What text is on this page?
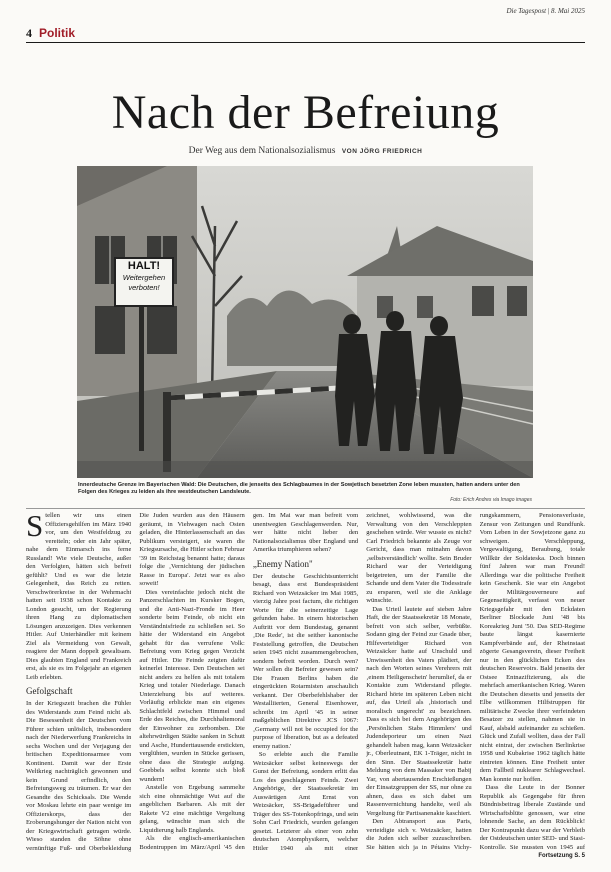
Die Tagespost | 8. Mai 2025
4 Politik
Nach der Befreiung
Der Weg aus dem Nationalsozialismus VON JÖRG FRIEDRICH
HALT!
Weitergehen
verboten!
Innerdeutsche Grenze im Bayerischen Wald: Die Deutschen, die jenseits des Schlagbaumes in der Sowjetisch besetzten Zone leben mussten, hatten anders unter den Folgen des Krieges zu leiden als ihre westdeutschen Landsleute.
Foto: Erich Andres via Imago images

Stellen wir uns einen Offiziersgehilfen im März 1940 vor, um den Westfeldzug zu vereiteln; oder ein Jahr später, nahe dem Einmarsch ins ferne Russland! Wie viele Deutsche, außer den Verfolgten, hätten sich befreit gefühlt? Und es war die letzte Gelegenheit, das Reich zu retten. Verschwörerkreise in der Wehrmacht hatten seit 1938 schon Kontakte zu London gesucht, um der Regierung ihren Hang zu diplomatischen Lösungen anzuzeigen. Dies verkennen Hitler. Auf Unterhändler mit keinem Ziel als Vermeidung von Gewalt, reagiere der Mann doppelt gewaltsam. Dies glaubten England und Frankreich erst, als sie es im Folgejahr an eigenen Leib erlebten.

Gefolgschaft

In der Kriegszeit brachen die Fühler des Widerstands zum Feind nicht ab. Die Besessenheit der Deutschen vom Führer schien unlöslich, insbesondere nach der Niederwerfung Frankreichs in sechs Wochen und der Verjagung der britischen Expeditionsarmee vom Kontinent. Damit war der Erste Weltkrieg nachträglich gewonnen und kein Grund erfindlich, den Befreiungsweg zu träumen. Er war der Gesandte des Schicksals. Die Wende vor Moskau lehrte ein paar wenige im Offizierskorps, dass der Eroberungshunger der Nation nicht von der Kriegswirtschaft getragen würde. Wieso standen die Söhne ohne vernünftige Fuß- und Oberbekleidung

Die Juden wurden aus den Häusern geräumt, in Viehwagen nach Osten geladen, die Hinterlassenschaft an das Publikum versteigert, sie waren die Kriegsursache, die Hitler schon Februar '39 im Reichstag benannt hatte; daraus folge die ‚Vernichtung der jüdischen Rasse in Europa'. Jetzt war es also soweit!

Dies vereinfachte jedoch nicht die Panzerschlachten im Kursker Bogen, und die Anti-Nazi-Fronde im Heer sonderte beim Feinde, ob nicht ein Verständnisfriede zu schließen sei. So hätte der Widerstand ein Angebot gehabt für das verrufene Volk: Befreiung vom Krieg gegen Verzicht auf Hitler. Die Feinde zeigten dafür keinerlei Interesse. Den Deutschen sei nicht anders zu helfen als mit totalem Krieg und totaler Niederlage. Danach Unterziehung bis auf weiteres. Vorläufig erblickte man ein eigenes Schlachtfeld zwischen Himmel und Erde des Reiches, die Durchhaltemoral der Einwohner zu zerbomben. Die altehrwürdigen Städte sanken in Schutt und Asche, Hunderttausende erstickten, verglühten, wurden in Stücke gerissen, ohne dass die Strategie aufging. Goebbels selbst konnte sich bloß wundern!

Anstelle von Ergebung sammelte sich eine ohnmächtige Wut auf die angeblichen Barbaren. Als mit der Rakete V2 eine mächtige Vergeltung gelang, wünschte man sich die Liquidierung halb Englands.

Als die englisch-amerikanischen Bodentruppen im März/April '45 den

gen. Im Mai war man befreit vom unentwegten Geschlagenwerden. Nur, wer hätte nicht lieber den Nationalsozialismus über England und Amerika triumphieren sehen?

„Enemy Nation"

Der deutsche Geschichtsunterricht besagt, dass erst Bundespräsident Richard von Weizsäcker im Mai 1985, vierzig Jahre post factum, die richtigen Worte für die seinerzeitige Lage gefunden habe. In einem historischen Auftritt vor dem Bundestag, genannt ‚Die Rede', ist die seither kanonische Feststellung getroffen, die Deutschen seien 1945 nicht zusammengebrochen, sondern befreit worden. Durch wen? Wer sollen die Befreier gewesen sein? Die Frauen Berlins haben die eingerückten Rotarmisten anschaulich verkannt. Der Oberbefehlshaber der Westalliierten, General Eisenhower, schreibt im April '45 in seiner maßgeblichen Direktive JCS 1067: ‚Germany will not be occupied for the purpose of liberation, but as a defeated enemy nation.'

So erlebte auch die Familie Weizsäcker selbst keineswegs der Gunst der Befreiung, sondern erlitt das Los des geschlagenen Feinds. Zwei Angehörige, der Staatssekretär im Auswärtigen Amt Ernst von Weizsäcker, SS-Brigadeführer und Träger des SS-Totenkopfrings, und sein Sohn Carl Friedrich, wurden gefangen gesetzt. Letzterer als einer von zehn deutschen Atomphysikern, welcher Hitler 1940 als mit einer

zeichnet, wohlwissend, was die Verwaltung von den Verschleppten geschehen würde. Wer wusste es nicht? Carl Friedrich bekannte als Zeuge vor Gericht, dass man mitnahm davon ‚selbstverständlich' wollte. Sein Bruder Richard war der Verteidigung beigetreten, um der Familie die Schande und dem Vater die Todesstrafe zu ersparen, weil sie die Anklage wünschte.

Das Urteil lautete auf sieben Jahre Haft, die der Staatssekretär 18 Monate, befreit von sich selber, verbüßte. Sodann ging der Feind zur Gnade über, Hilfeverteidiger Richard von Weizsäcker hatte auf Unschuld und Unwissenheit des Vaters plädiert, der nach den Worten seines Verehrers mit ‚einem Heiligenschein' herumlief, da er Kontakte zum Widerstand pflegte. Richard hörte im späteren Leben nicht auf, das Urteil als ‚historisch und moralisch ungerecht' zu bezeichnen. Dass es sich bei dem Angehörigen des ‚Persönlichen Stabs Himmlers' und Judendeporteur um einen Nazi gehandelt haben mag, kann Weizsäcker jr., Oberleutnant, EK 1-Träger, nicht in den Sinn. Der Staatssekretär hatte Meldung von dem Massaker von Babij Yar, von abertausenden Erschießungen der Einsatzgruppen der SS, nur ohne zu ahnen, dass es sich dabei um Rassenvernichtung handelte, weil als Vergeltung für Partisanenakte kaschiert.

Den Abtransport aus Paris, verteidigte sich v. Weizsäcker, hatten die Juden sich selber zuzuschreiben. Sie hätten sich ja in Pétains Vichy-

rungskammern, Pensionsverluste, Zensur von Zeitungen und Rundfunk. Vom Leben in der Sowjetzone ganz zu schweigen. Verschleppung, Vergewaltigung, Beraubung, totale Willkür der Soldateska. Doch binnen fünf Jahren war man Freund! Allerdings war die politische Freiheit kein Geschenk. Sie war ein Angebot der Militärgouverneure auf Gegenseitigkeit, verfasst von neuer Kriegsgefahr mit den Eckdaten Berliner Blockade Juni '48 bis Koreakrieg Juni '50. Das SED-Regime baute längst kasernierte Kampfverbände auf, der Rheinstaat zögerte Gesangsverein, dieser Freiheit nur in den glücklichen Ecken des deutschen Reservoirs. Bald jenseits der Ostsee Entnazifizierung, als die mehrfach amerikanischen Krieg. Waren die Deutschen dieseits und jenseits der Elbe willkommen Hilfstruppen für militärische Zwecke ihrer verfeindeten Besatzer zu stellen, nahmen sie in Kauf, alsbald aufeinander zu schießen. Glück und Zufall wollten, dass der Fall nicht eintrat, der zwischen Berlinkrise 1958 und Kubakrise 1962 täglich hätte eintreten können. Eine Freiheit unter dem Fallbeil nuklearer Schlagwechsel. Man konnte nur hoffen.

Dass die Leute in der Bonner Republik als Gegengabe für ihren Bündnisbeitrag liberale Zustände und Wirtschaftsblüte genossen, war eine lohnende Sache, an dem Rückblick! Der Kontrapunkt dazu war der Verbleib der Ostdeutschen unter SED- und Stasi-Kontrolle. Sie mussten von 1945 auf

Fortsetzung S. 5
